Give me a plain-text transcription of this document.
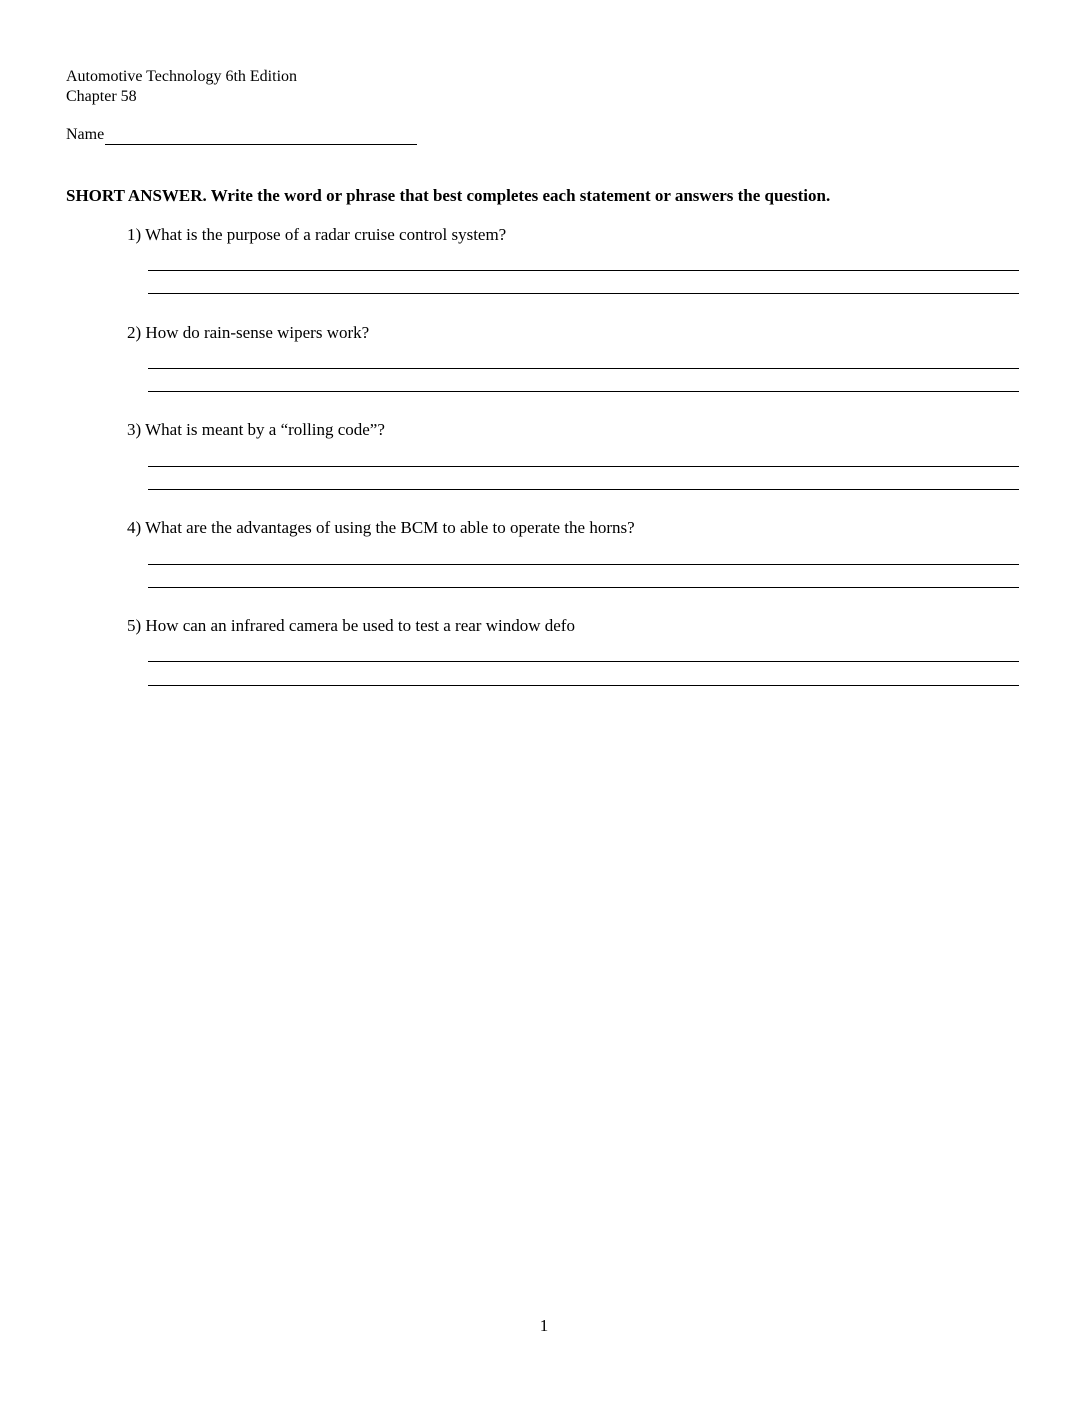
Automotive Technology 6th Edition
Chapter 58
Name
SHORT ANSWER. Write the word or phrase that best completes each statement or answers the question.
1) What is the purpose of a radar cruise control system?
2) How do rain-sense wipers work?
3) What is meant by a “rolling code”?
4) What are the advantages of using the BCM to able to operate the horns?
5) How can an infrared camera be used to test a rear window defo
1
